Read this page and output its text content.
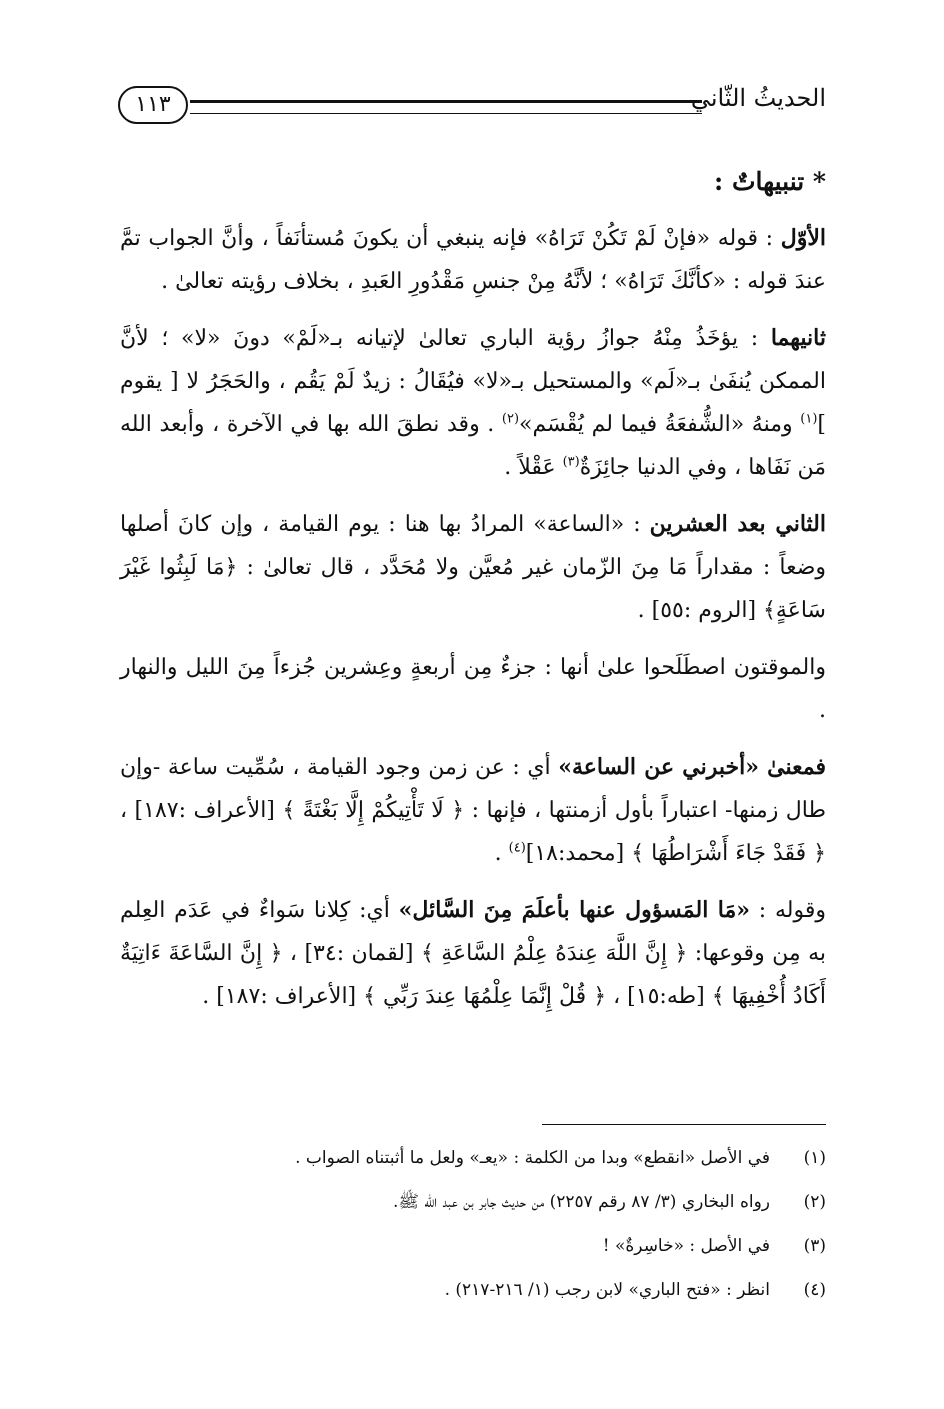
الحديثُ الثّاني
١١٣
* تنبيهاتٌ :

الأوّل : قوله «فإنْ لَمْ تَكُنْ تَرَاهُ» فإنه ينبغي أن يكونَ مُستأنَفاً ، وأنَّ الجواب تمَّ عندَ قوله : «كأنَّكَ تَرَاهُ» ؛ لأنَّهُ مِنْ جنسِ مَقْدُورِ العَبدِ ، بخلاف رؤيته تعالىٰ .

ثانيهما : يؤخَذُ مِنْهُ جوازُ رؤية الباري تعالىٰ لإتيانه بـ«لَمْ» دونَ «لا» ؛ لأنَّ الممكن يُنفَىٰ بـ«لَم» والمستحيل بـ«لا» فيُقَالُ : زيدٌ لَمْ يَقُم ، والحَجَرُ لا [ يقوم ]$^{(١)}$ ومنهُ «الشُّفعَةُ فيما لم يُقْسَم»$^{(٢)}$ . وقد نطقَ الله بها في الآخرة ، وأبعد الله مَن نَفَاها ، وفي الدنيا جائِزَةٌ$^{(٣)}$ عَقْلاً .

الثاني بعد العشرين : «الساعة» المرادُ بها هنا : يوم القيامة ، وإن كانَ أصلها وضعاً : مقداراً مَا مِنَ الزّمان غير مُعيَّن ولا مُحَدَّد ، قال تعالىٰ : ﴿مَا لَبِثُوا غَيْرَ سَاعَةٍ﴾ [الروم :٥٥] .

والموقتون اصطَلَحوا علىٰ أنها : جزءٌ مِن أربعةٍ وعِشرين جُزءاً مِنَ الليل والنهار .

فمعنىٰ «أخبرني عن الساعة» أي : عن زمن وجود القيامة ، سُمِّيت ساعة -وإن طال زمنها- اعتباراً بأول أزمنتها ، فإنها : ﴿ لَا تَأْتِيكُمْ إِلَّا بَغْتَةً ﴾ [الأعراف :١٨٧] ، ﴿ فَقَدْ جَاءَ أَشْرَاطُهَا ﴾ [محمد:١٨]$^{(٤)}$ .

وقوله : «مَا المَسؤول عنها بأعلَمَ مِنَ السَّائل» أي: كِلانا سَواءٌ في عَدَم العِلم به مِن وقوعها: ﴿ إِنَّ اللَّهَ عِندَهُ عِلْمُ السَّاعَةِ ﴾ [لقمان :٣٤] ، ﴿ إِنَّ السَّاعَةَ ءَاتِيَةٌ أَكَادُ أُخْفِيهَا ﴾ [طه:١٥] ، ﴿ قُلْ إِنَّمَا عِلْمُهَا عِندَ رَبِّي ﴾ [الأعراف :١٨٧] .

(١)
في الأصل «انقطع» وبدا من الكلمة : «يعـ» ولعل ما أثبتناه الصواب .
(٢)
رواه البخاري (٣/ ٨٧ رقم ٢٢٥٧) من حديث جابر بن عبد الله ﷺ.
(٣)
في الأصل : «خاسِرةٌ» !
(٤)
انظر : «فتح الباري» لابن رجب (١/ ٢١٦-٢١٧) .
